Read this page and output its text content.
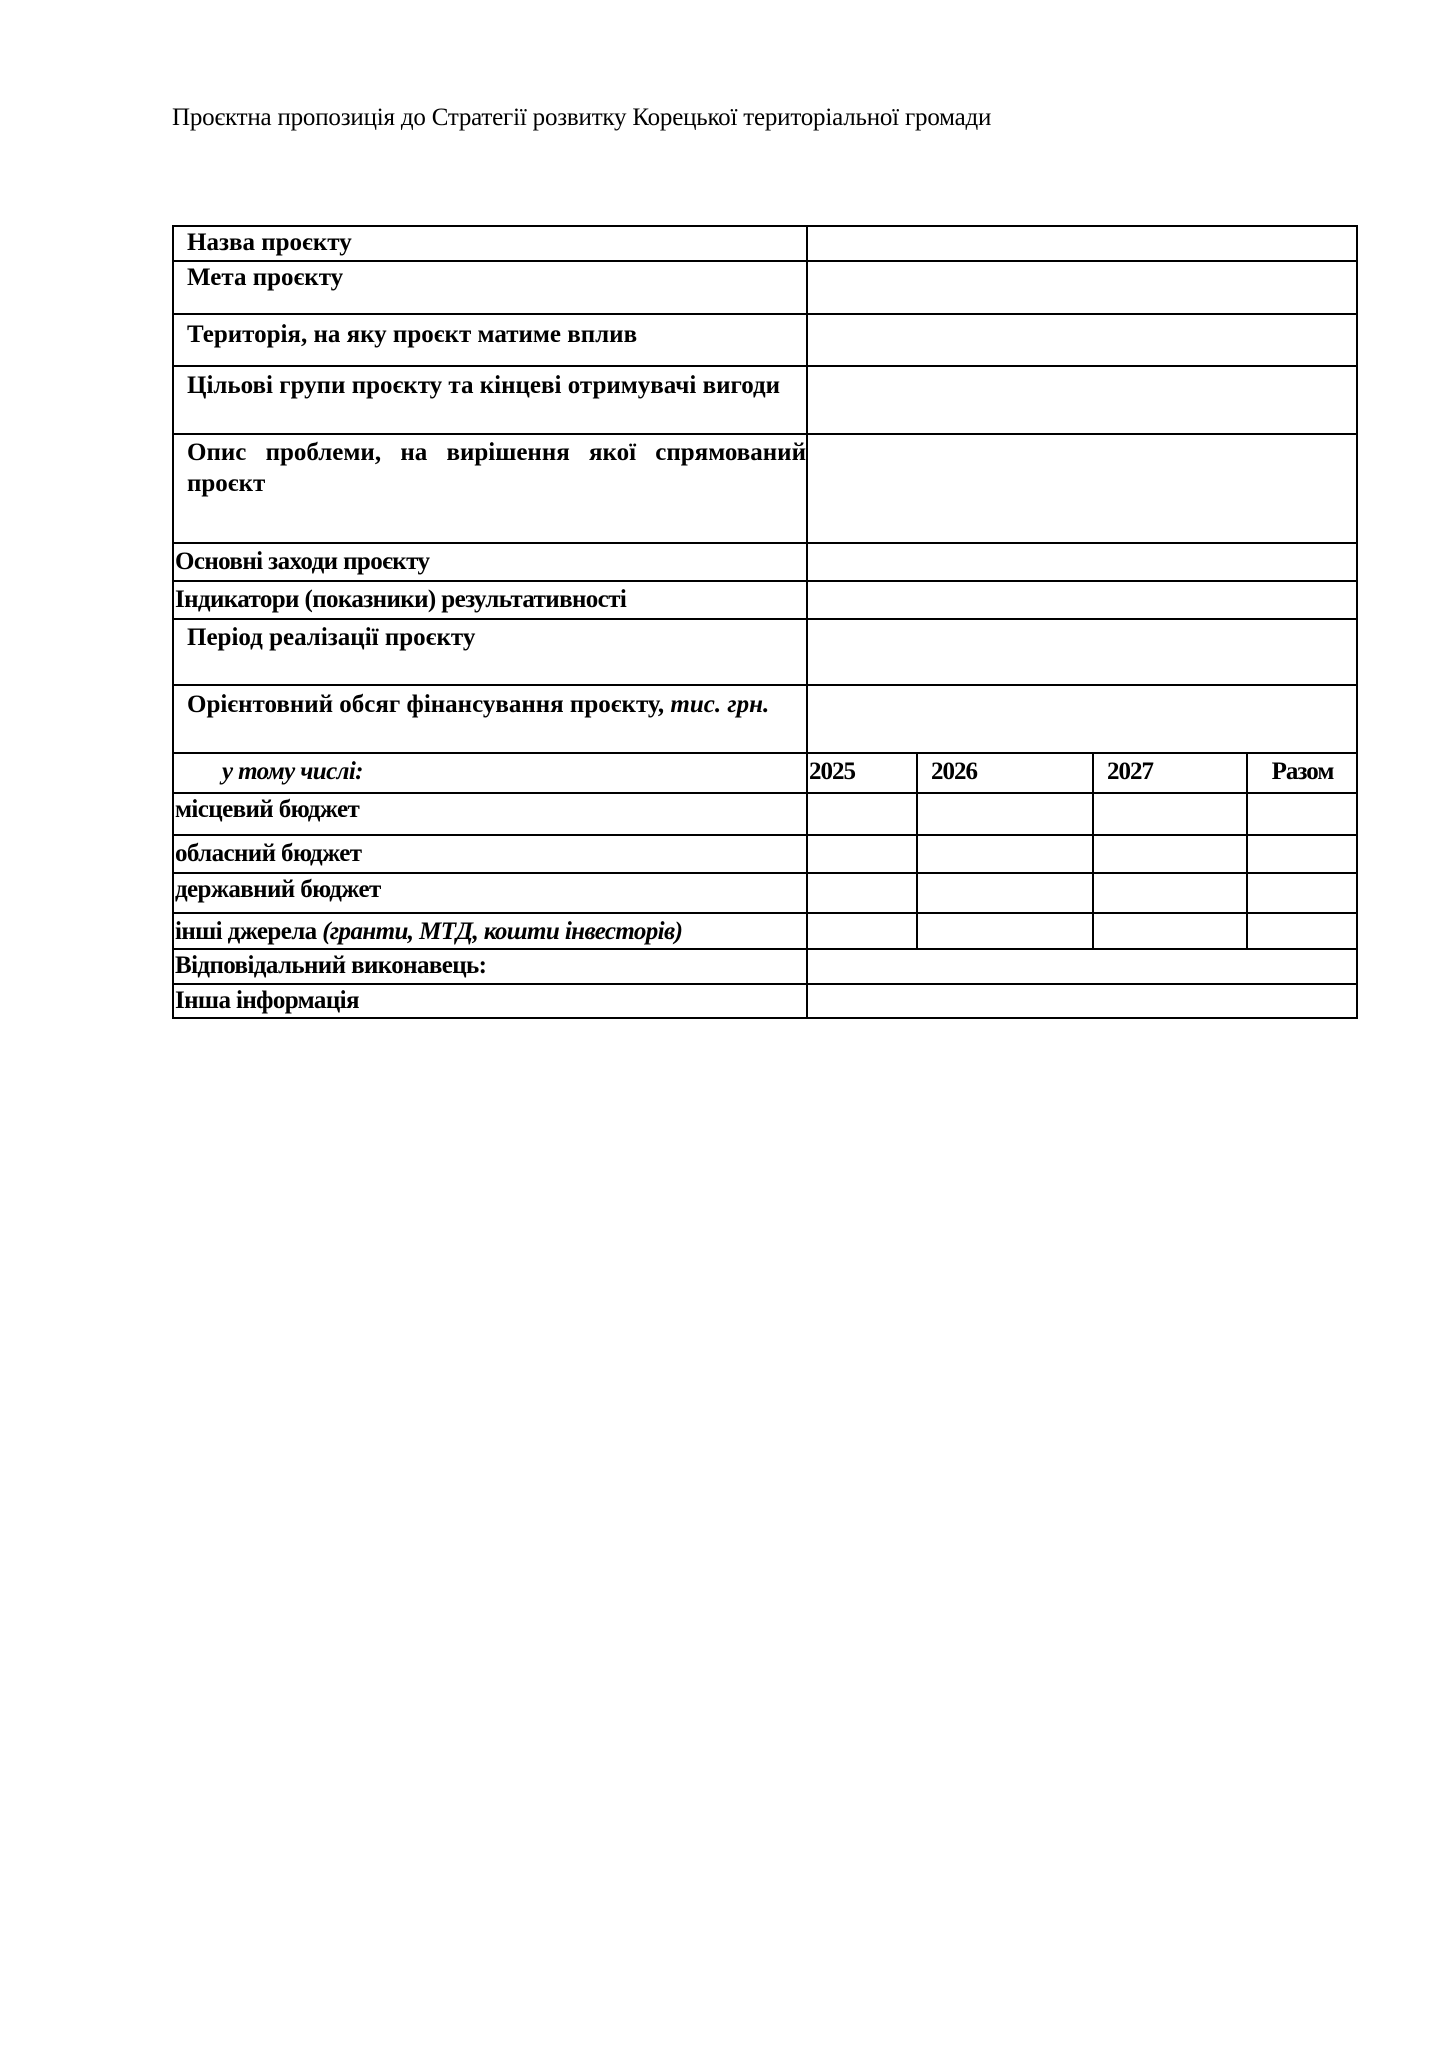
Проєктна пропозиція до Стратегії розвитку Корецької територіальної громади
Назва проєкту				
Мета проєкту				
Територія, на яку проєкт матиме вплив				
Цільові групи проєкту та кінцеві отримувачі вигоди				
Опис проблеми, на вирішення якої спрямований проєкт				
Основні заходи проєкту				
Індикатори (показники) результативності				
Період реалізації проєкту				
Орієнтовний обсяг фінансування проєкту, тис. грн.				
у тому числі:	2025	2026	2027	Разом
місцевий бюджет				
обласний бюджет				
державний бюджет				
інші джерела (гранти, МТД, кошти інвесторів)				
Відповідальний виконавець:				
Інша інформація				
